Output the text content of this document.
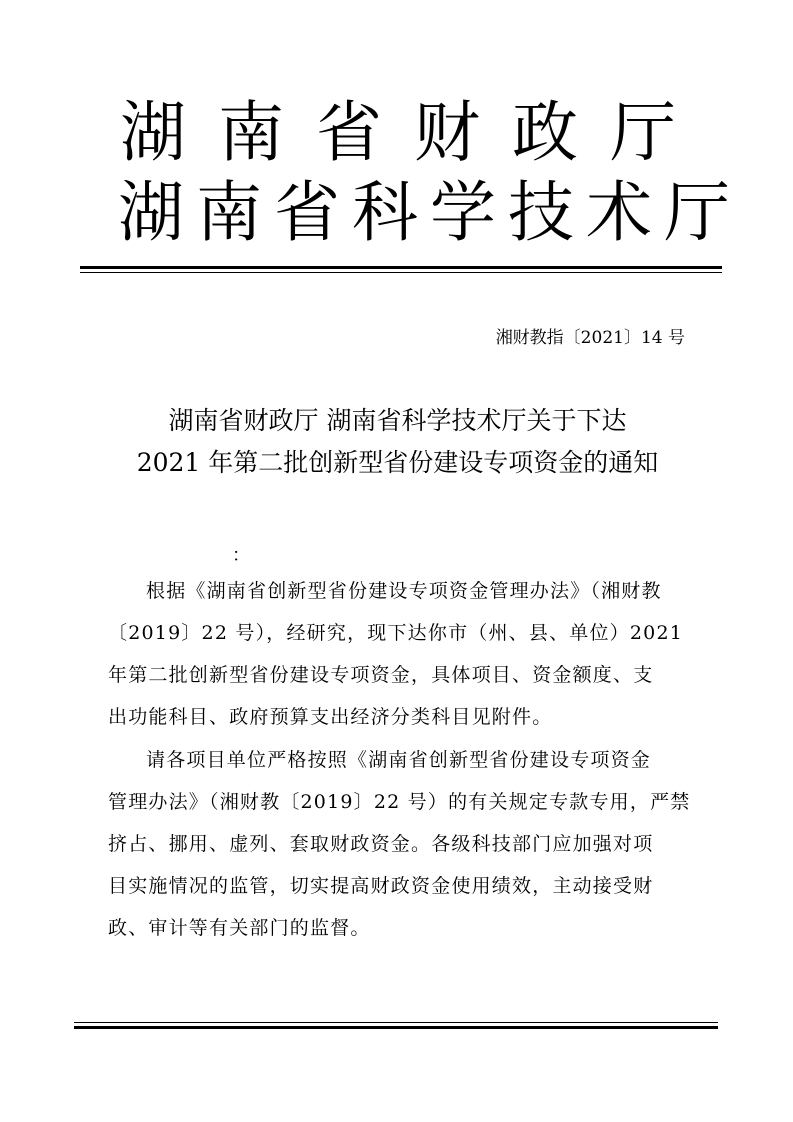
湖南省财政厅
湖南省科学技术厅
湘财教指〔2021〕14 号
湖南省财政厅 湖南省科学技术厅关于下达
2021 年第二批创新型省份建设专项资金的通知
：
根据《湖南省创新型省份建设专项资金管理办法》（湘财教
〔2019〕22 号），经研究，现下达你市（州、县、单位）2021
年第二批创新型省份建设专项资金，具体项目、资金额度、支
出功能科目、政府预算支出经济分类科目见附件。
请各项目单位严格按照《湖南省创新型省份建设专项资金
管理办法》（湘财教〔2019〕22 号）的有关规定专款专用，严禁
挤占、挪用、虚列、套取财政资金。各级科技部门应加强对项
目实施情况的监管，切实提高财政资金使用绩效，主动接受财
政、审计等有关部门的监督。
